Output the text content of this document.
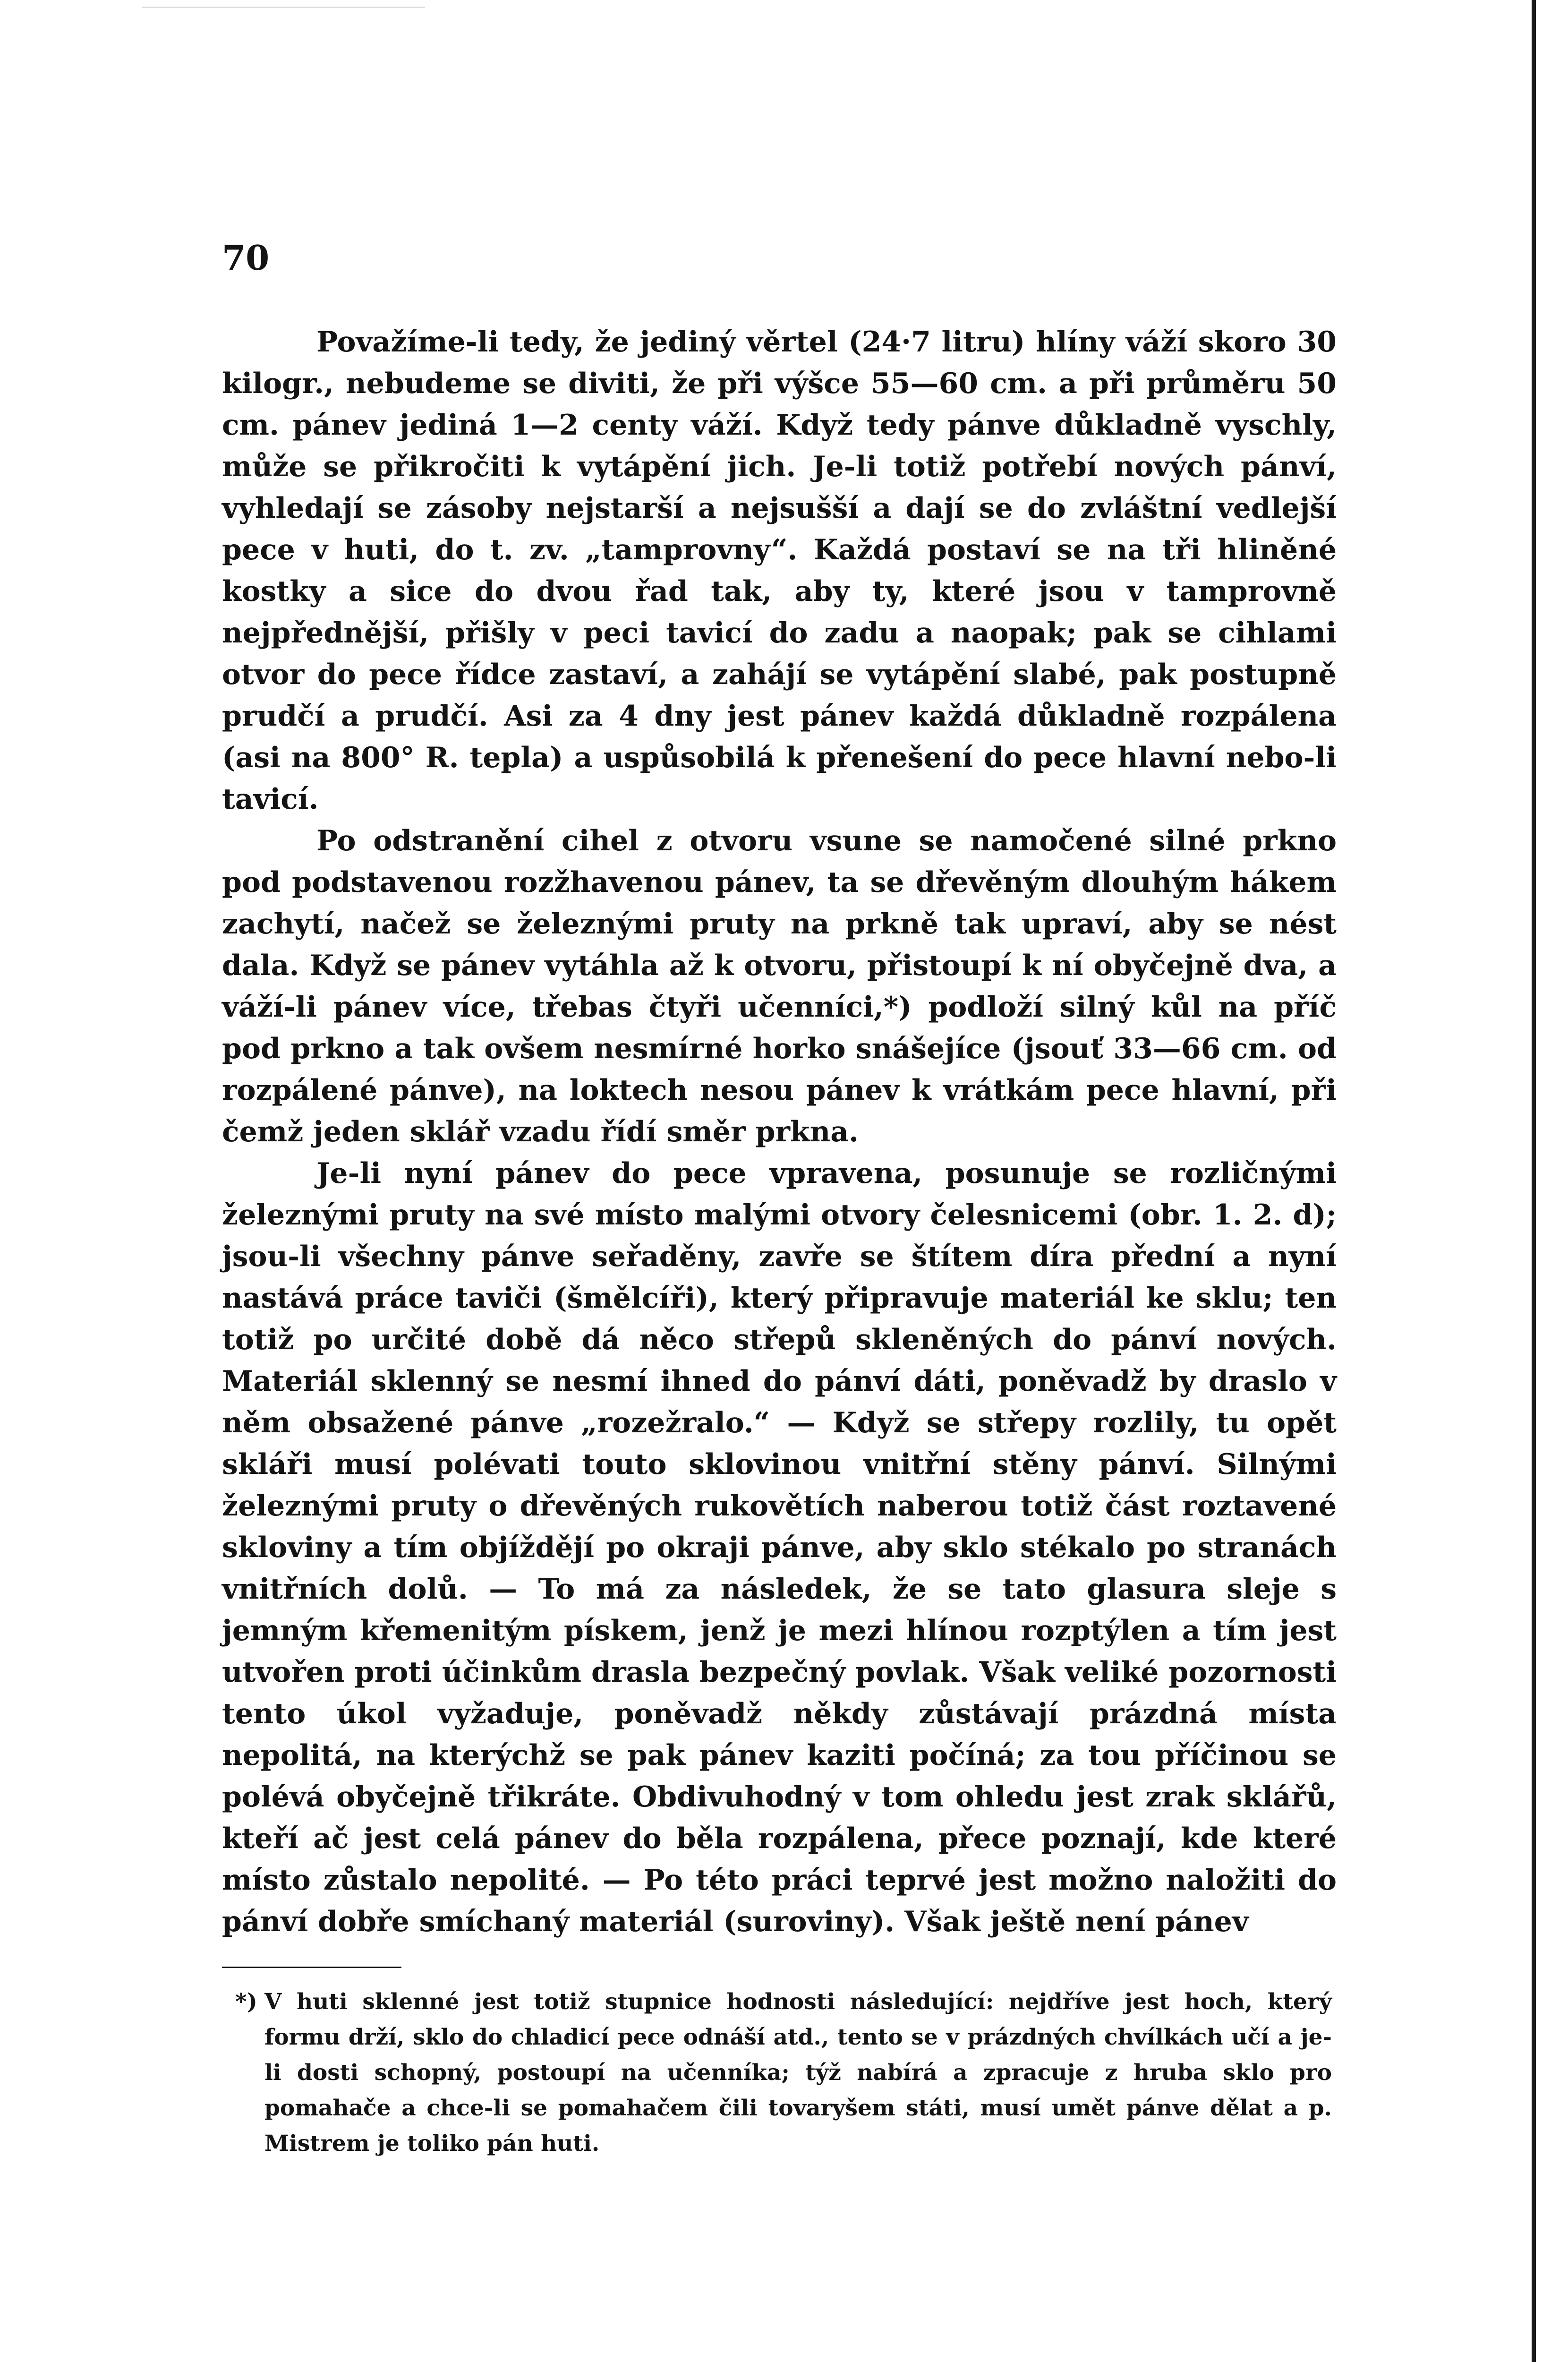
70

Považíme-li tedy, že jediný věrtel (24·7 litru) hlíny váží skoro 30 kilogr., nebudeme se diviti, že při výšce 55—60 cm. a při průměru 50 cm. pánev jediná 1—2 centy váží. Když tedy pánve důkladně vyschly, může se přikročiti k vytápění jich. Je-li totiž potřebí nových pánví, vyhledají se zásoby nejstarší a nejsušší a dají se do zvláštní vedlejší pece v huti, do t. zv. „tamprovny“. Každá postaví se na tři hliněné kostky a sice do dvou řad tak, aby ty, které jsou v tamprovně nejpřednější, přišly v peci tavicí do zadu a naopak; pak se cihlami otvor do pece řídce zastaví, a zahájí se vytápění slabé, pak postupně prudčí a prudčí. Asi za 4 dny jest pánev každá důkladně rozpálena (asi na 800° R. tepla) a uspůsobilá k přenešení do pece hlavní nebo-li tavicí.

Po odstranění cihel z otvoru vsune se namočené silné prkno pod podstavenou rozžhavenou pánev, ta se dřevěným dlouhým hákem zachytí, načež se železnými pruty na prkně tak upraví, aby se nést dala. Když se pánev vytáhla až k otvoru, přistoupí k ní obyčejně dva, a váží-li pánev více, třebas čtyři učenníci,*) podloží silný kůl na příč pod prkno a tak ovšem nesmírné horko snášejíce (jsouť 33—66 cm. od rozpálené pánve), na loktech nesou pánev k vrátkám pece hlavní, při čemž jeden sklář vzadu řídí směr prkna.

Je-li nyní pánev do pece vpravena, posunuje se rozličnými železnými pruty na své místo malými otvory čelesnicemi (obr. 1. 2. d); jsou-li všechny pánve seřaděny, zavře se štítem díra přední a nyní nastává práce taviči (šmělcíři), který připravuje materiál ke sklu; ten totiž po určité době dá něco střepů skleněných do pánví nových. Materiál sklenný se nesmí ihned do pánví dáti, poněvadž by draslo v něm obsažené pánve „rozežralo.“ — Když se střepy rozlily, tu opět skláři musí polévati touto sklovinou vnitřní stěny pánví. Silnými železnými pruty o dřevěných rukovětích naberou totiž část roztavené skloviny a tím objíždějí po okraji pánve, aby sklo stékalo po stranách vnitřních dolů. — To má za následek, že se tato glasura sleje s jemným křemenitým pískem, jenž je mezi hlínou rozptýlen a tím jest utvořen proti účinkům drasla bezpečný povlak. Však veliké pozornosti tento úkol vyžaduje, poněvadž někdy zůstávají prázdná místa nepolitá, na kterýchž se pak pánev kaziti počíná; za tou příčinou se polévá obyčejně třikráte. Obdivuhodný v tom ohledu jest zrak sklářů, kteří ač jest celá pánev do běla rozpálena, přece poznají, kde které místo zůstalo nepolité. — Po této práci teprvé jest možno naložiti do pánví dobře smíchaný materiál (suroviny). Však ještě není pánev

*) V huti sklenné jest totiž stupnice hodnosti následující: nejdříve jest hoch, který formu drží, sklo do chladicí pece odnáší atd., tento se v prázdných chvílkách učí a je-li dosti schopný, postoupí na učenníka; týž nabírá a zpracuje z hruba sklo pro pomahače a chce-li se pomahačem čili tovaryšem státi, musí umět pánve dělat a p. Mistrem je toliko pán huti.
